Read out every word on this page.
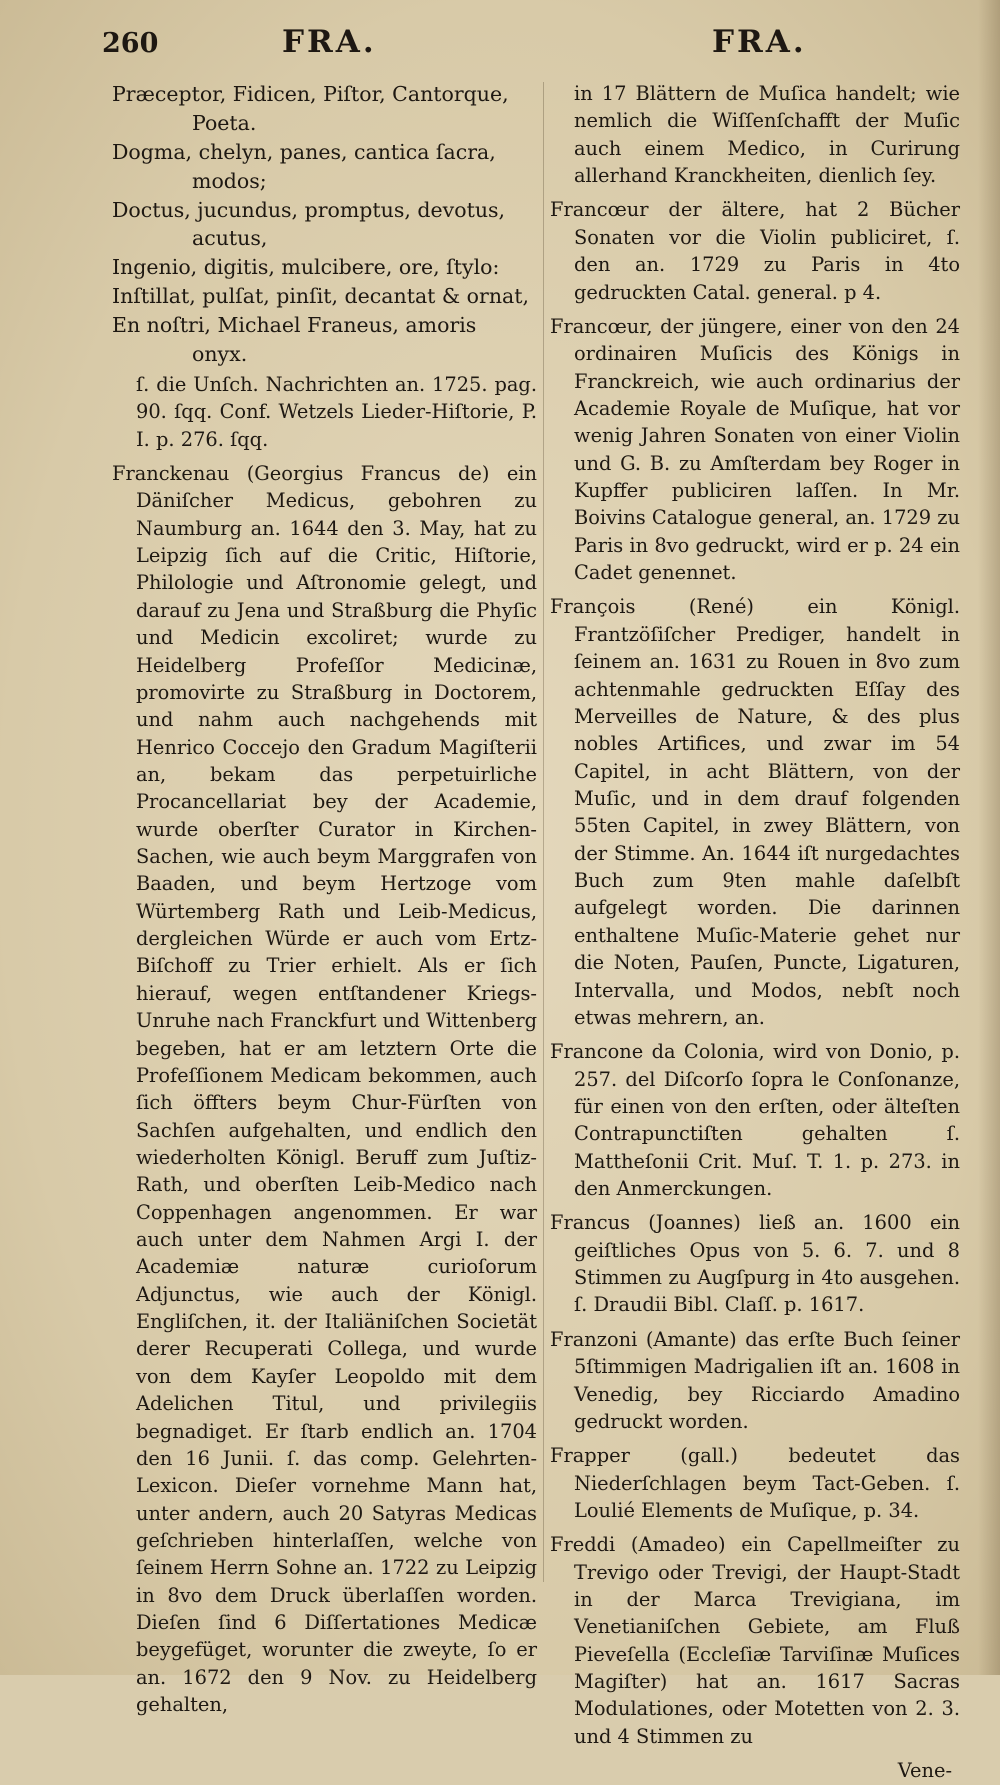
260	FRA.	FRA.

Præceptor, Fidicen, Piſtor, Cantorque, Poeta.

Dogma, chelyn, panes, cantica ſacra, modos;

Doctus, jucundus, promptus, devotus, acutus,

Ingenio, digitis, mulcibere, ore, ſtylo:

Inſtillat, pulſat, pinſit, decantat & ornat,

En noſtri, Michael Franeus, amoris onyx.

ſ. die Unſch. Nachrichten an. 1725. pag. 90. ſqq. Conf. Wetzels Lieder-Hiſtorie, P. I. p. 276. ſqq.

Franckenau (Georgius Francus de) ein Däniſcher Medicus, gebohren zu Naumburg an. 1644 den 3. May, hat zu Leipzig ſich auf die Critic, Hiſtorie, Philologie und Aſtronomie gelegt, und darauf zu Jena und Straßburg die Phyſic und Medicin excoliret; wurde zu Heidelberg Profeſſor Medicinæ, promovirte zu Straßburg in Doctorem, und nahm auch nachgehends mit Henrico Coccejo den Gradum Magiſterii an, bekam das perpetuirliche Procancellariat bey der Academie, wurde oberſter Curator in Kirchen-Sachen, wie auch beym Marggrafen von Baaden, und beym Hertzoge vom Würtemberg Rath und Leib-Medicus, dergleichen Würde er auch vom Ertz-Biſchoff zu Trier erhielt. Als er ſich hierauf, wegen entſtandener Kriegs-Unruhe nach Franckfurt und Wittenberg begeben, hat er am letztern Orte die Profeſſionem Medicam bekommen, auch ſich öffters beym Chur-Fürſten von Sachſen aufgehalten, und endlich den wiederholten Königl. Beruff zum Juſtiz-Rath, und oberſten Leib-Medico nach Coppenhagen angenommen. Er war auch unter dem Nahmen Argi I. der Academiæ naturæ curioſorum Adjunctus, wie auch der Königl. Engliſchen, it. der Italiäniſchen Societät derer Recuperati Collega, und wurde von dem Kayſer Leopoldo mit dem Adelichen Titul, und privilegiis begnadiget. Er ſtarb endlich an. 1704 den 16 Junii. ſ. das comp. Gelehrten-Lexicon. Dieſer vornehme Mann hat, unter andern, auch 20 Satyras Medicas geſchrieben hinterlaſſen, welche von ſeinem Herrn Sohne an. 1722 zu Leipzig in 8vo dem Druck überlaſſen worden. Dieſen ſind 6 Diſſertationes Medicæ beygefüget, worunter die zweyte, ſo er an. 1672 den 9 Nov. zu Heidelberg gehalten,

in 17 Blättern de Muſica handelt; wie nemlich die Wiſſenſchafft der Muſic auch einem Medico, in Curirung allerhand Kranckheiten, dienlich ſey.

Francœur der ältere, hat 2 Bücher Sonaten vor die Violin publiciret, ſ. den an. 1729 zu Paris in 4to gedruckten Catal. general. p 4.

Francœur, der jüngere, einer von den 24 ordinairen Muſicis des Königs in Franckreich, wie auch ordinarius der Academie Royale de Muſique, hat vor wenig Jahren Sonaten von einer Violin und G. B. zu Amſterdam bey Roger in Kupffer publiciren laſſen. In Mr. Boivins Catalogue general, an. 1729 zu Paris in 8vo gedruckt, wird er p. 24 ein Cadet genennet.

François (René) ein Königl. Frantzöſiſcher Prediger, handelt in ſeinem an. 1631 zu Rouen in 8vo zum achtenmahle gedruckten Eſſay des Merveilles de Nature, & des plus nobles Artifices, und zwar im 54 Capitel, in acht Blättern, von der Muſic, und in dem drauf folgenden 55ten Capitel, in zwey Blättern, von der Stimme. An. 1644 iſt nurgedachtes Buch zum 9ten mahle daſelbſt aufgelegt worden. Die darinnen enthaltene Muſic-Materie gehet nur die Noten, Pauſen, Puncte, Ligaturen, Intervalla, und Modos, nebſt noch etwas mehrern, an.

Francone da Colonia, wird von Donio, p. 257. del Diſcorſo ſopra le Conſonanze, für einen von den erſten, oder älteſten Contrapunctiſten gehalten ſ. Mattheſonii Crit. Muſ. T. 1. p. 273. in den Anmerckungen.

Francus (Joannes) ließ an. 1600 ein geiſtliches Opus von 5. 6. 7. und 8 Stimmen zu Augſpurg in 4to ausgehen. ſ. Draudii Bibl. Claſſ. p. 1617.

Franzoni (Amante) das erſte Buch ſeiner 5ſtimmigen Madrigalien iſt an. 1608 in Venedig, bey Ricciardo Amadino gedruckt worden.

Frapper (gall.) bedeutet das Niederſchlagen beym Tact-Geben. ſ. Loulié Elements de Muſique, p. 34.

Freddi (Amadeo) ein Capellmeiſter zu Trevigo oder Trevigi, der Haupt-Stadt in der Marca Trevigiana, im Venetianiſchen Gebiete, am Fluß Pieveſella (Eccleſiæ Tarviſinæ Muſices Magiſter) hat an. 1617 Sacras Modulationes, oder Motetten von 2. 3. und 4 Stimmen zu

Vene-
